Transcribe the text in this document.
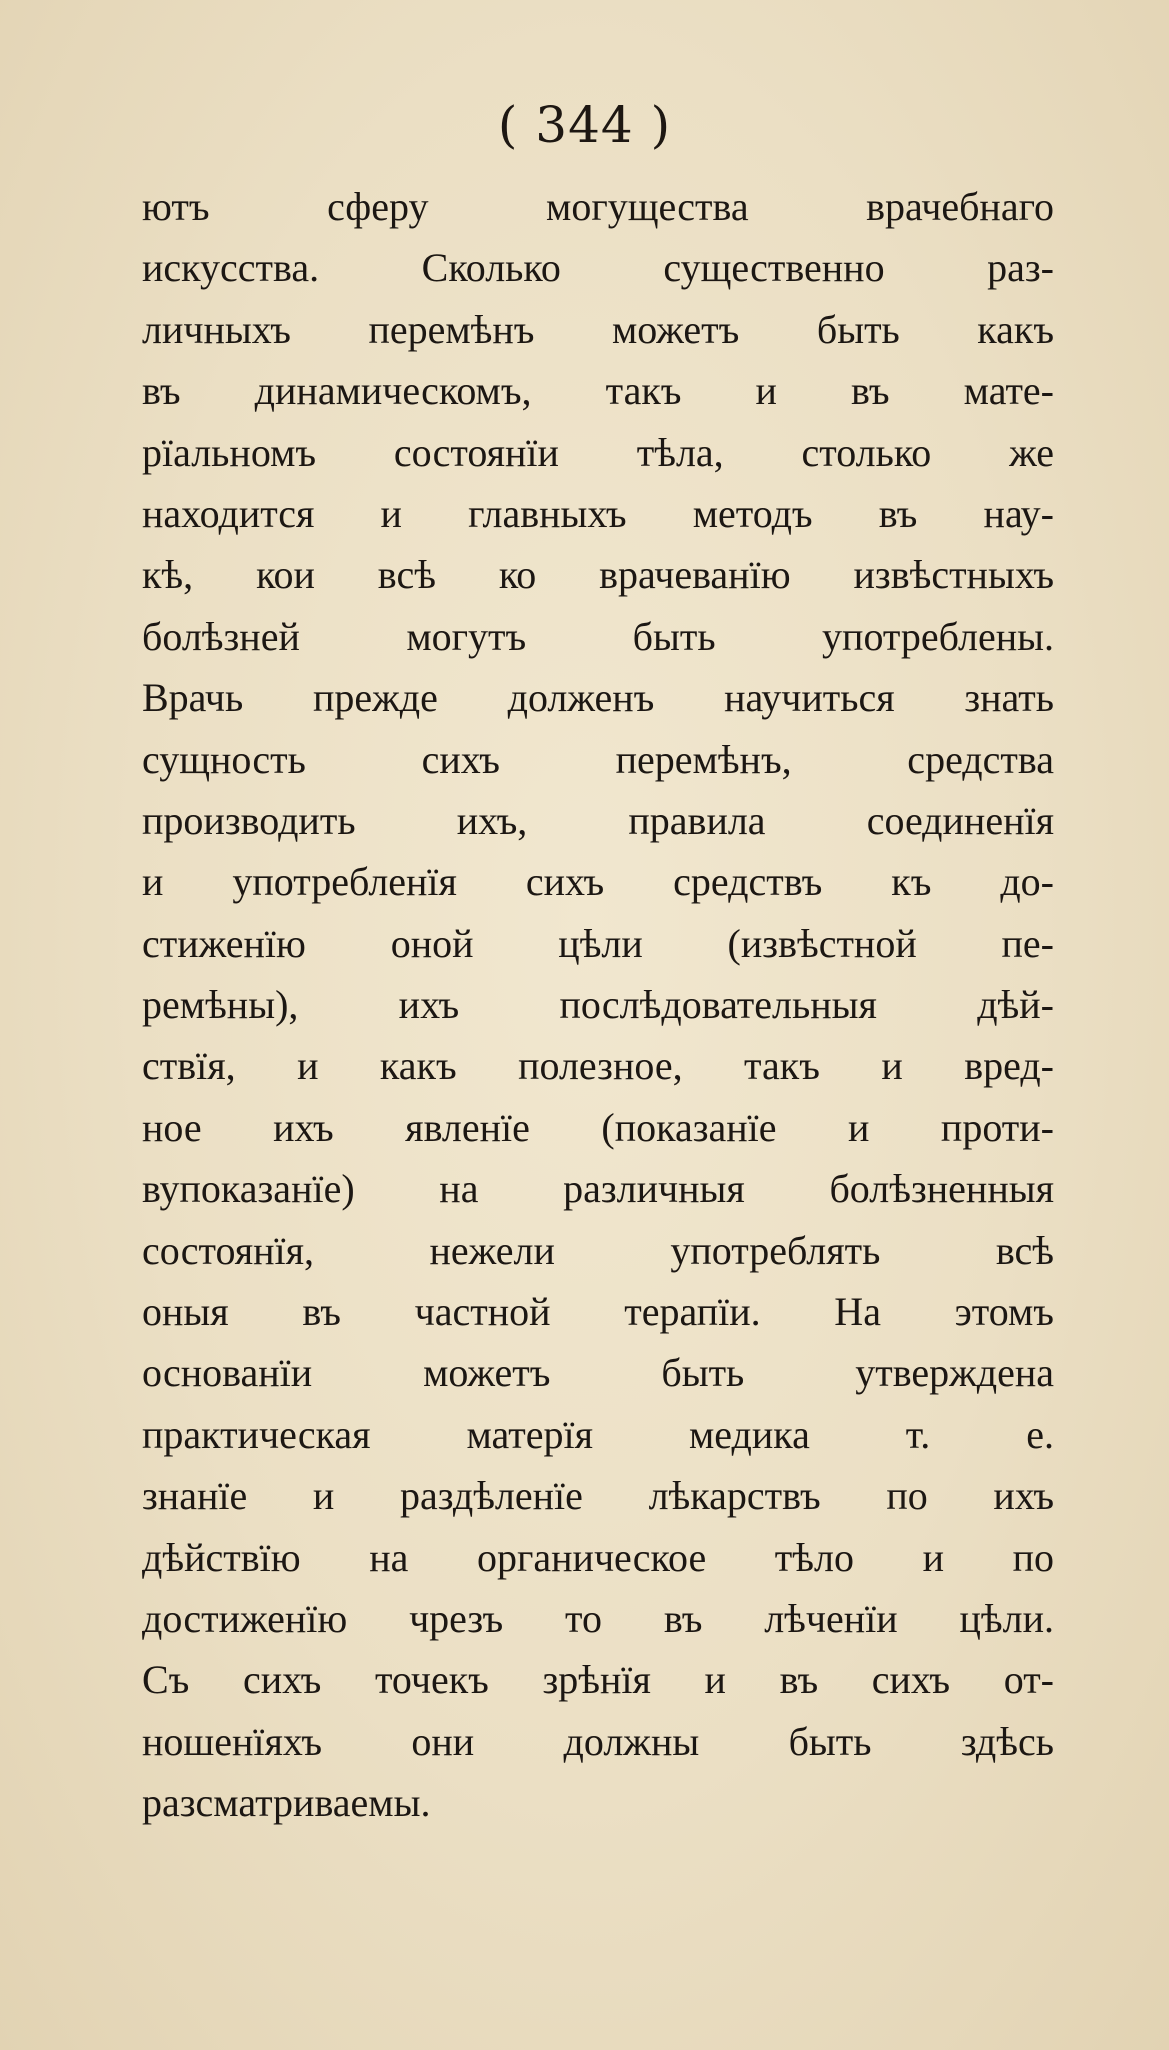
( 344 )
ютъ сферу могущества врачебнаго
искусства. Сколько существенно раз-
личныхъ перемѣнъ можетъ быть какъ
въ динамическомъ, такъ и въ мате-
рïальномъ состоянïи тѣла, столько же
находится и главныхъ методъ въ нау-
кѣ, кои всѣ ко врачеванïю извѣстныхъ
болѣзней могутъ быть употреблены.
Врачь прежде долженъ научиться знать
сущность сихъ перемѣнъ, средства
производить ихъ, правила соединенïя
и употребленïя сихъ средствъ къ до-
стиженïю оной цѣли (извѣстной пе-
ремѣны), ихъ послѣдовательныя дѣй-
ствïя, и какъ полезное, такъ и вред-
ное ихъ явленïе (показанïе и проти-
вупоказанïе) на различныя болѣзненныя
состоянïя, нежели употреблять всѣ
оныя въ частной терапïи. На этомъ
основанïи можетъ быть утверждена
практическая матерïя медика т. е.
знанïе и раздѣленïе лѣкарствъ по ихъ
дѣйствïю на органическое тѣло и по
достиженïю чрезъ то въ лѣченïи цѣли.
Съ сихъ точекъ зрѣнïя и въ сихъ от-
ношенïяхъ они должны быть здѣсь
разсматриваемы.
